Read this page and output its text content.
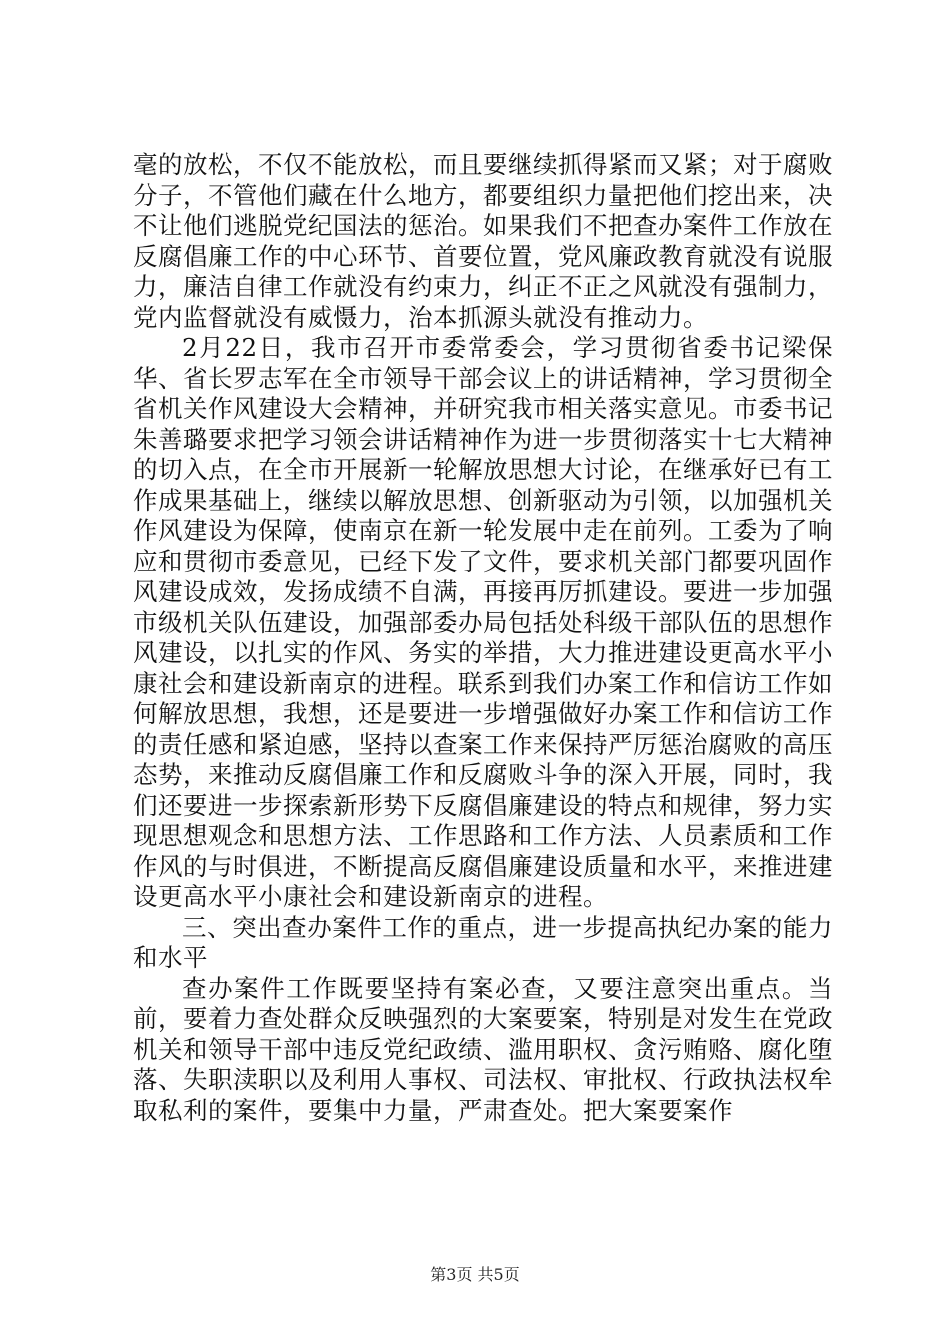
毫的放松，不仅不能放松，而且要继续抓得紧而又紧；对于腐败分子，不管他们藏在什么地方，都要组织力量把他们挖出来，决不让他们逃脱党纪国法的惩治。如果我们不把查办案件工作放在反腐倡廉工作的中心环节、首要位置，党风廉政教育就没有说服力，廉洁自律工作就没有约束力，纠正不正之风就没有强制力，党内监督就没有威慑力，治本抓源头就没有推动力。

2月22日，我市召开市委常委会，学习贯彻省委书记梁保华、省长罗志军在全市领导干部会议上的讲话精神，学习贯彻全省机关作风建设大会精神，并研究我市相关落实意见。市委书记朱善璐要求把学习领会讲话精神作为进一步贯彻落实十七大精神的切入点，在全市开展新一轮解放思想大讨论，在继承好已有工作成果基础上，继续以解放思想、创新驱动为引领，以加强机关作风建设为保障，使南京在新一轮发展中走在前列。工委为了响应和贯彻市委意见，已经下发了文件，要求机关部门都要巩固作风建设成效，发扬成绩不自满，再接再厉抓建设。要进一步加强市级机关队伍建设，加强部委办局包括处科级干部队伍的思想作风建设，以扎实的作风、务实的举措，大力推进建设更高水平小康社会和建设新南京的进程。联系到我们办案工作和信访工作如何解放思想，我想，还是要进一步增强做好办案工作和信访工作的责任感和紧迫感，坚持以查案工作来保持严厉惩治腐败的高压态势，来推动反腐倡廉工作和反腐败斗争的深入开展，同时，我们还要进一步探索新形势下反腐倡廉建设的特点和规律，努力实现思想观念和思想方法、工作思路和工作方法、人员素质和工作作风的与时俱进，不断提高反腐倡廉建设质量和水平，来推进建设更高水平小康社会和建设新南京的进程。

三、突出查办案件工作的重点，进一步提高执纪办案的能力和水平

查办案件工作既要坚持有案必查，又要注意突出重点。当前，要着力查处群众反映强烈的大案要案，特别是对发生在党政机关和领导干部中违反党纪政绩、滥用职权、贪污贿赂、腐化堕落、失职渎职以及利用人事权、司法权、审批权、行政执法权牟取私利的案件，要集中力量，严肃查处。把大案要案作

第3页 共5页
